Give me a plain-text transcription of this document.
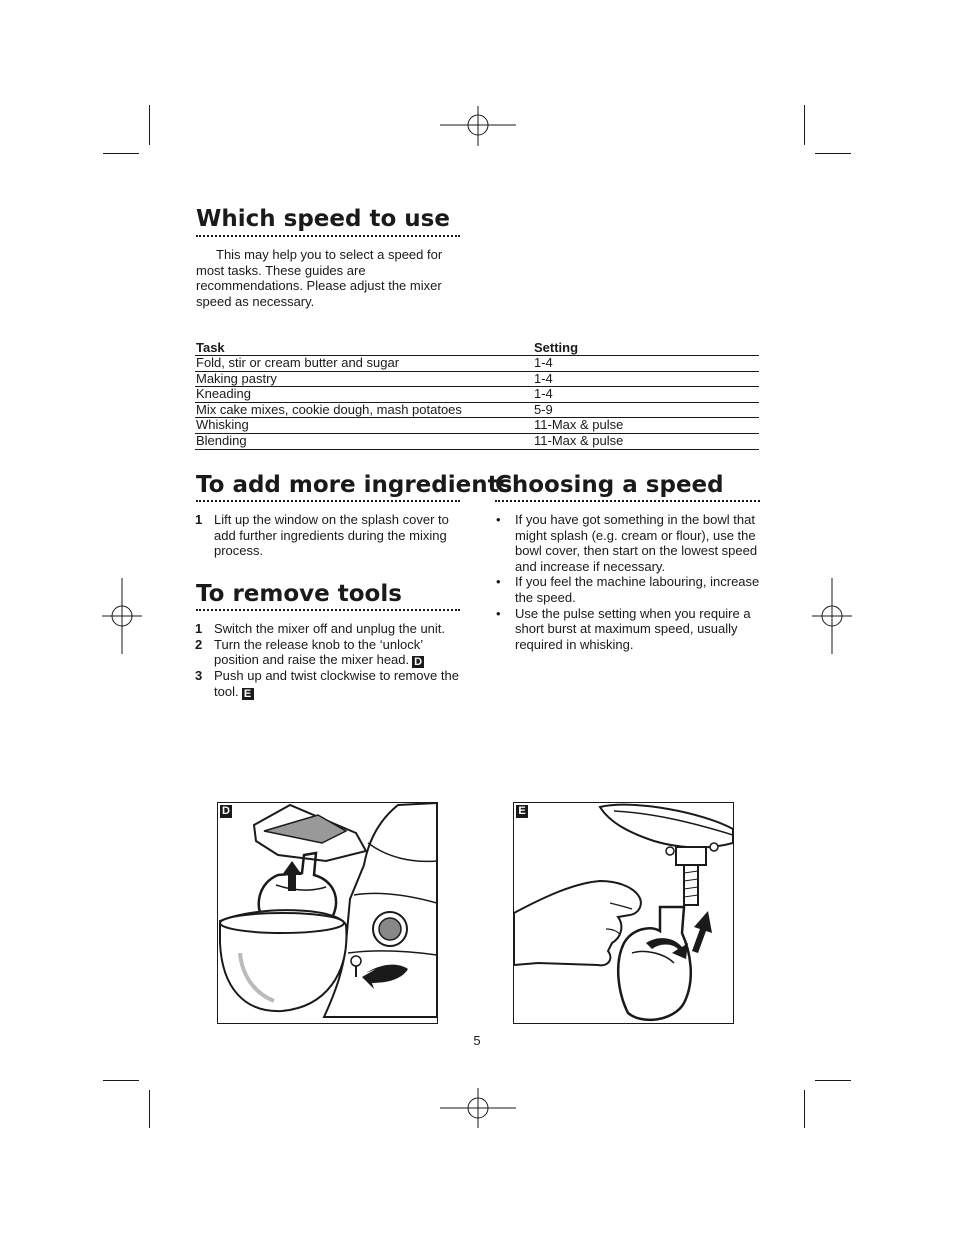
Which speed to use

This may help you to select a speed for most tasks. These guides are recommendations. Please adjust the mixer speed as necessary.

Task	Setting
Fold, stir or cream butter and sugar	1-4
Making pastry	1-4
Kneading	1-4
Mix cake mixes, cookie dough, mash potatoes	5-9
Whisking	11-Max & pulse
Blending	11-Max & pulse
To add more ingredients
1 Lift up the window on the splash cover to add further ingredients during the mixing process.
To remove tools
1 Switch the mixer off and unplug the unit.
2 Turn the release knob to the ‘unlock’ position and raise the mixer head. D
3 Push up and twist clockwise to remove the tool. E
Choosing a speed
• If you have got something in the bowl that might splash (e.g. cream or flour), use the bowl cover, then start on the lowest speed and increase if necessary.
• If you feel the machine labouring, increase the speed.
• Use the pulse setting when you require a short burst at maximum speed, usually required in whisking.
D	E
5
